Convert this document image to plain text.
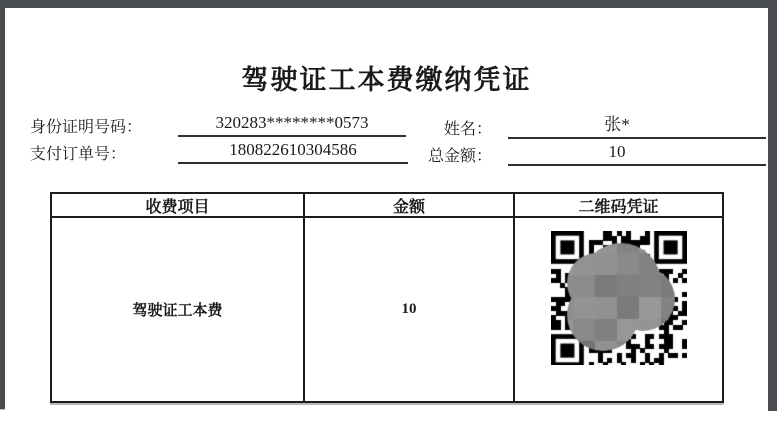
驾驶证工本费缴纳凭证
身份证明号码：	320283********0573	姓名：	张*
支付订单号：	180822610304586	总金额：	10
收费项目	金额	二维码凭证
驾驶证工本费	10
